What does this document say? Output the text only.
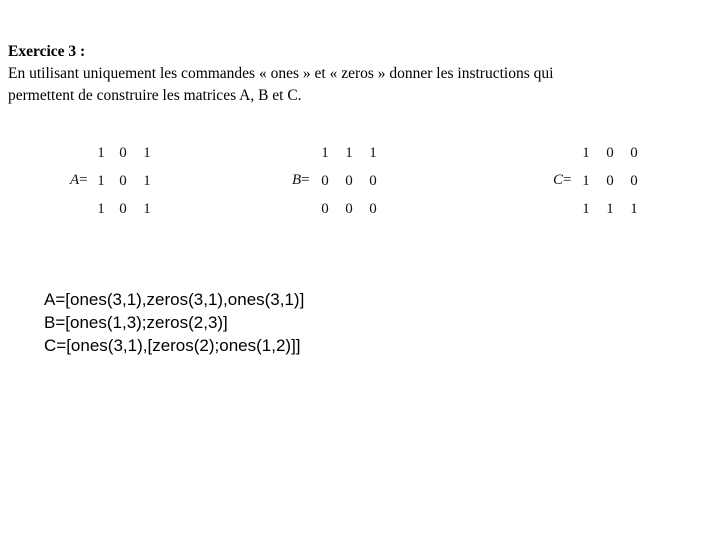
Exercice 3 :
En utilisant uniquement les commandes « ones » et « zeros » donner les instructions qui
permettent de construire les matrices A, B et C.
A=
1 0 1
1 0 1
1 0 1
B=
1 1 1
0 0 0
0 0 0
C=
1 0 0
1 0 0
1 1 1
A=[ones(3,1),zeros(3,1),ones(3,1)]
B=[ones(1,3);zeros(2,3)]
C=[ones(3,1),[zeros(2);ones(1,2)]]
